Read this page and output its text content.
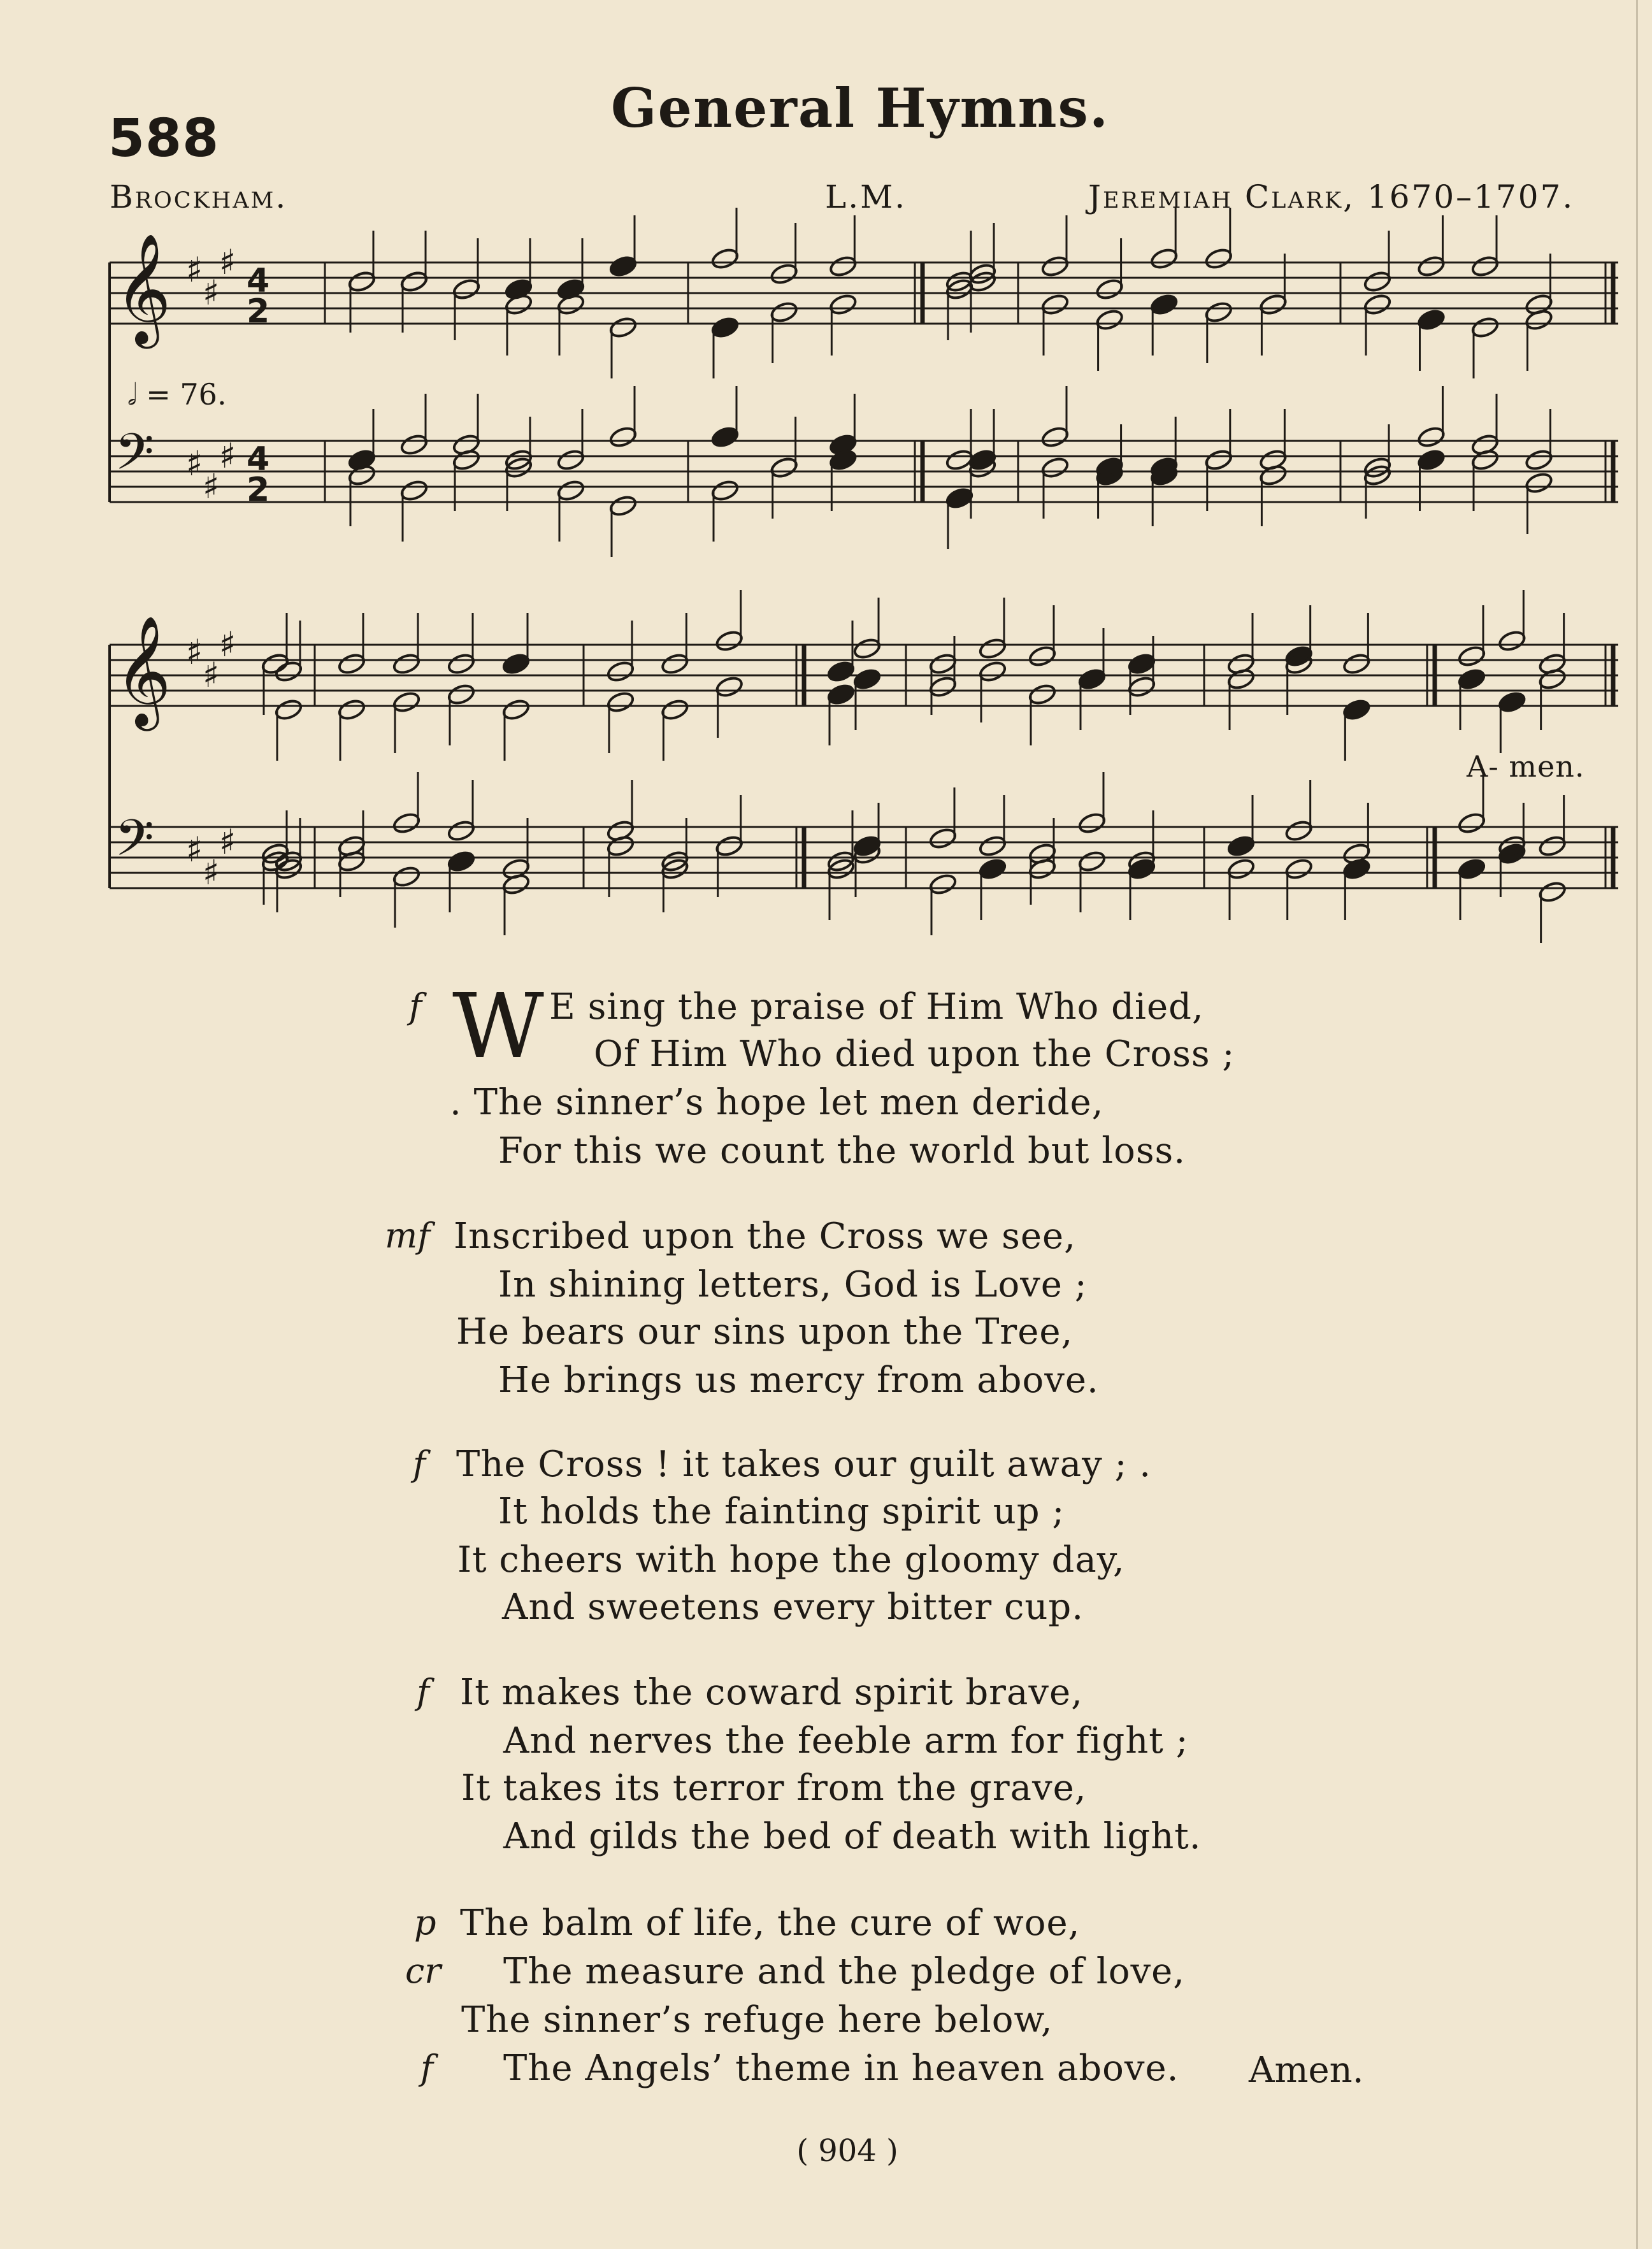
588	General Hymns.
Brockham.	L.M.	Jeremiah Clark, 1670–1707.
𝄞 ♯
♯
♯ 4
2
𝄢 ♯
♯
♯ 4
2
𝄞 ♯
♯
♯
𝄢 ♯
♯
♯
𝅗𝅥 = 76.
A- men.
f W E sing the praise of Him Who died,
Of Him Who died upon the Cross ;
. The sinner’s hope let men deride,
For this we count the world but loss.
mf Inscribed upon the Cross we see,
In shining letters, God is Love ;
He bears our sins upon the Tree,
He brings us mercy from above.
f The Cross ! it takes our guilt away ; .
It holds the fainting spirit up ;
It cheers with hope the gloomy day,
And sweetens every bitter cup.
f It makes the coward spirit brave,
And nerves the feeble arm for fight ;
It takes its terror from the grave,
And gilds the bed of death with light.
p The balm of life, the cure of woe,
cr The measure and the pledge of love,
The sinner’s refuge here below,
f The Angels’ theme in heaven above. Amen.
( 904 )
